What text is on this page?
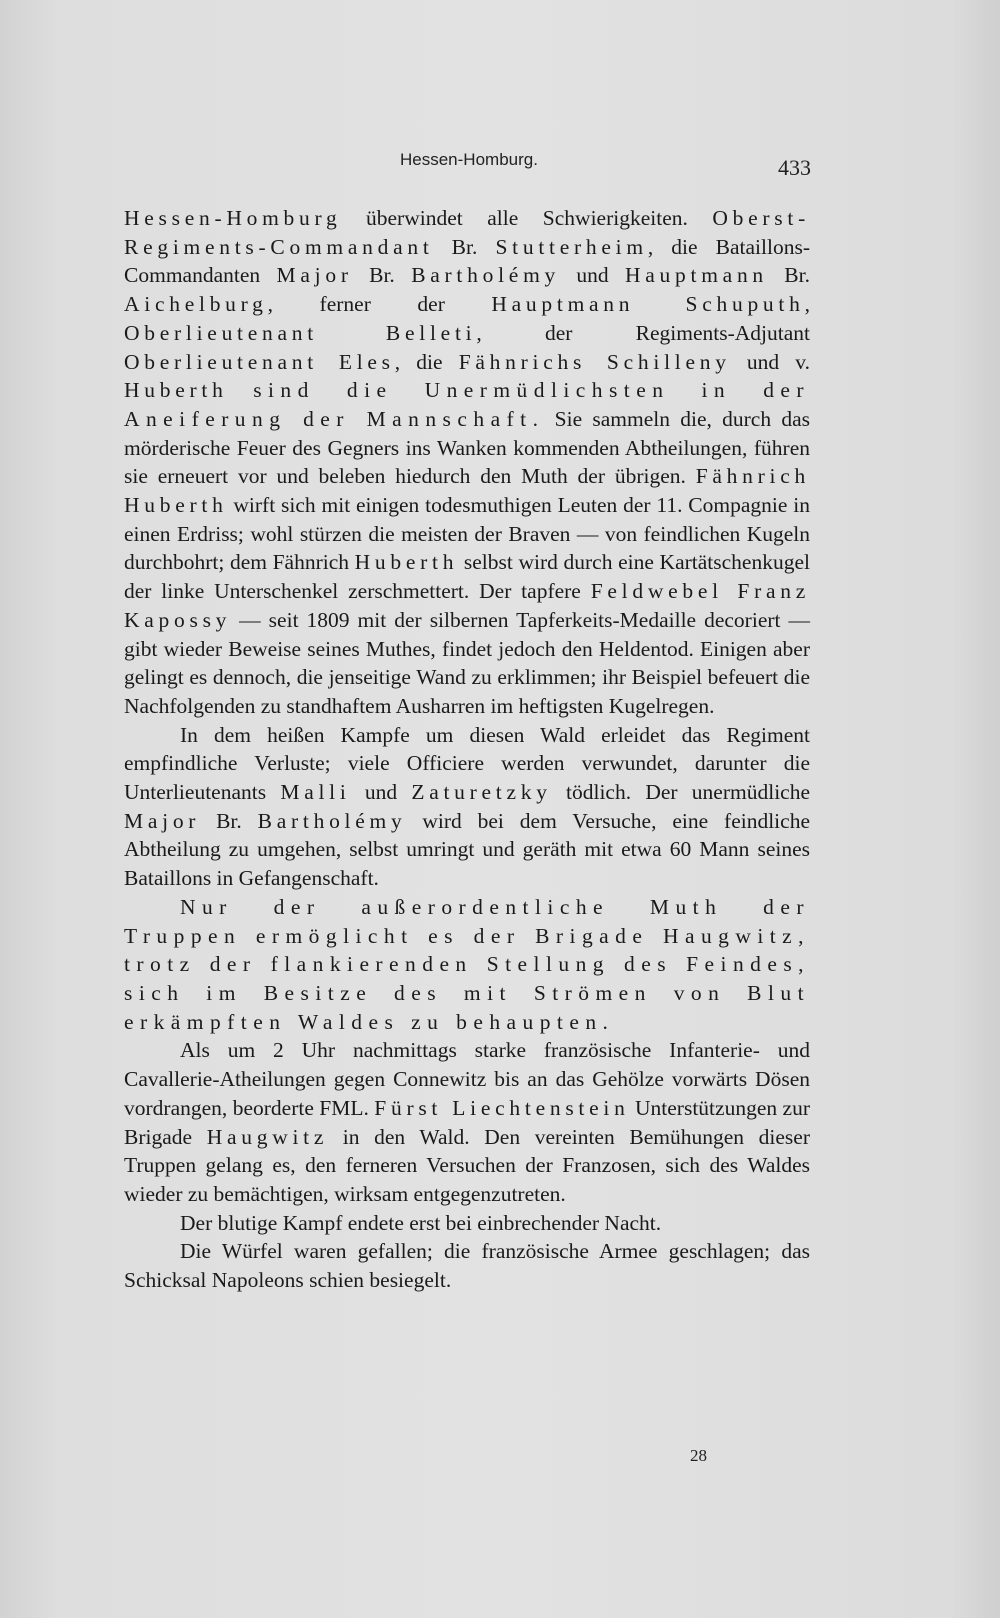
Hessen-Homburg.	433

Hessen-Homburg überwindet alle Schwierigkeiten. Oberst-Regiments-Commandant Br. Stutterheim, die Bataillons-Commandanten Major Br. Bartholémy und Hauptmann Br. Aichelburg, ferner der Hauptmann Schuputh, Oberlieutenant Belleti, der Regiments-Adjutant Oberlieutenant Eles, die Fähnrichs Schilleny und v. Huberth sind die Unermüdlichsten in der Aneiferung der Mannschaft. Sie sammeln die, durch das mörderische Feuer des Gegners ins Wanken kommenden Abtheilungen, führen sie erneuert vor und beleben hiedurch den Muth der übrigen. Fähnrich Huberth wirft sich mit einigen todesmuthigen Leuten der 11. Compagnie in einen Erdriss; wohl stürzen die meisten der Braven — von feindlichen Kugeln durchbohrt; dem Fähnrich Huberth selbst wird durch eine Kartätschenkugel der linke Unterschenkel zerschmettert. Der tapfere Feldwebel Franz Kapossy — seit 1809 mit der silbernen Tapferkeits-Medaille decoriert — gibt wieder Beweise seines Muthes, findet jedoch den Heldentod. Einigen aber gelingt es dennoch, die jenseitige Wand zu erklimmen; ihr Beispiel befeuert die Nachfolgenden zu standhaftem Ausharren im heftigsten Kugelregen.

In dem heißen Kampfe um diesen Wald erleidet das Regiment empfindliche Verluste; viele Officiere werden verwundet, darunter die Unterlieutenants Malli und Zaturetzky tödlich. Der unermüdliche Major Br. Bartholémy wird bei dem Versuche, eine feindliche Abtheilung zu umgehen, selbst umringt und geräth mit etwa 60 Mann seines Bataillons in Gefangenschaft.

Nur der außerordentliche Muth der Truppen ermöglicht es der Brigade Haugwitz, trotz der flankierenden Stellung des Feindes, sich im Besitze des mit Strömen von Blut erkämpften Waldes zu behaupten.

Als um 2 Uhr nachmittags starke französische Infanterie- und Cavallerie-Atheilungen gegen Connewitz bis an das Gehölze vorwärts Dösen vordrangen, beorderte FML. Fürst Liechtenstein Unterstützungen zur Brigade Haugwitz in den Wald. Den vereinten Bemühungen dieser Truppen gelang es, den ferneren Versuchen der Franzosen, sich des Waldes wieder zu bemächtigen, wirksam entgegenzutreten.

Der blutige Kampf endete erst bei einbrechender Nacht.

Die Würfel waren gefallen; die französische Armee geschlagen; das Schicksal Napoleons schien besiegelt.

28
